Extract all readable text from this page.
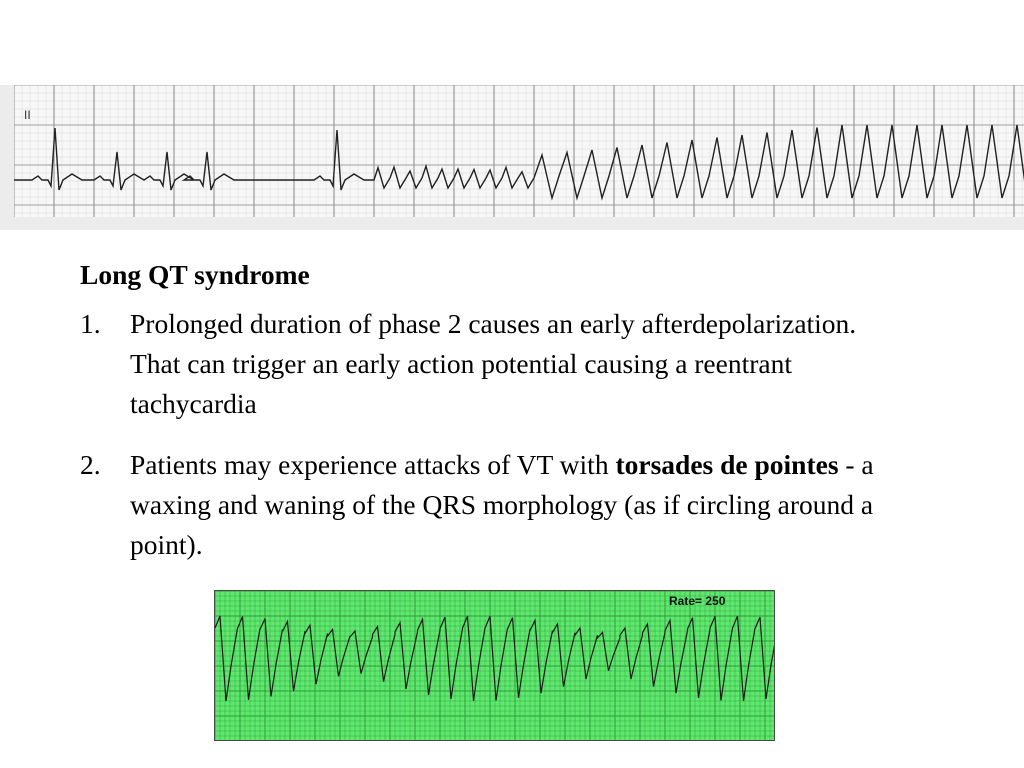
II
Long QT syndrome
1. Prolonged duration of phase 2 causes an early afterdepolarization. That can trigger an early action potential causing a reentrant tachycardia
2. Patients may experience attacks of VT with torsades de pointes - a waxing and waning of the QRS morphology (as if circling around a point).
Rate= 250
